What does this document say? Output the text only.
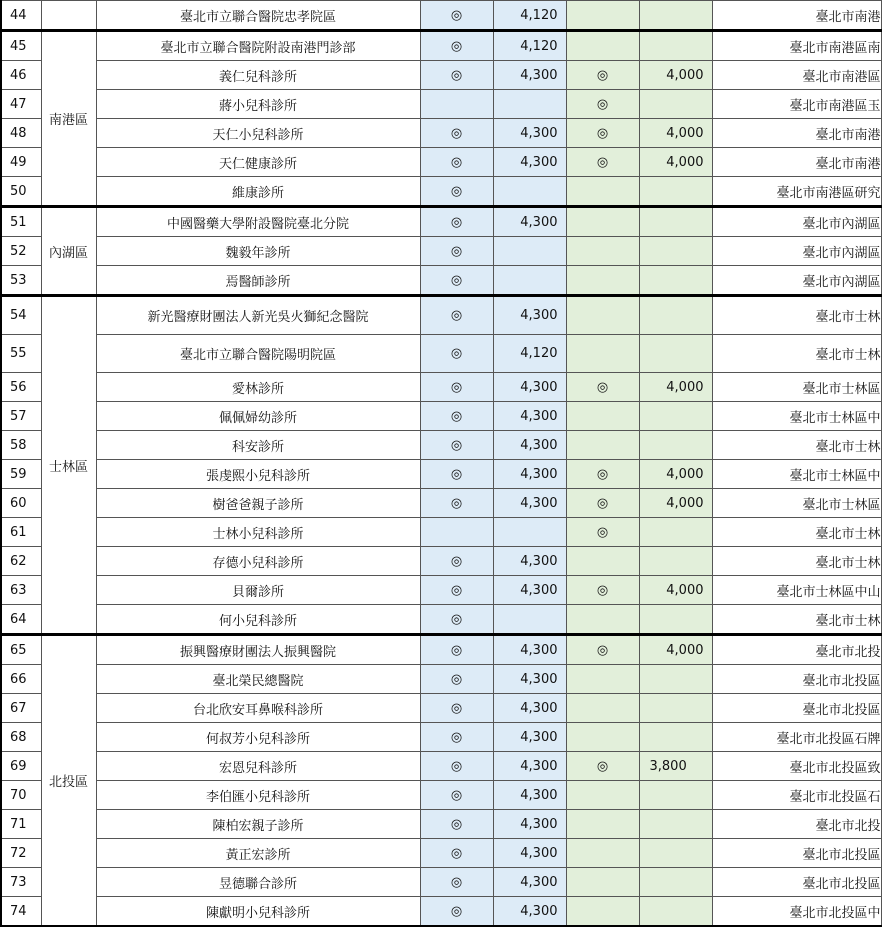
44		臺北市立聯合醫院忠孝院區	◎	4,120			臺北市南港
45	南港區	臺北市立聯合醫院附設南港門診部	◎	4,120			臺北市南港區南
46		義仁兒科診所	◎	4,300	◎	4,000	臺北市南港區
47		蔣小兒科診所			◎		臺北市南港區玉
48		天仁小兒科診所	◎	4,300	◎	4,000	臺北市南港
49		天仁健康診所	◎	4,300	◎	4,000	臺北市南港
50		維康診所	◎				臺北市南港區研究
51	內湖區	中國醫藥大學附設醫院臺北分院	◎	4,300			臺北市內湖區
52		魏毅年診所	◎				臺北市內湖區
53		焉醫師診所	◎				臺北市內湖區
54	士林區	新光醫療財團法人新光吳火獅紀念醫院	◎	4,300			臺北市士林
55		臺北市立聯合醫院陽明院區	◎	4,120			臺北市士林
56		愛林診所	◎	4,300	◎	4,000	臺北市士林區
57		佩佩婦幼診所	◎	4,300			臺北市士林區中
58		科安診所	◎	4,300			臺北市士林
59		張虔熙小兒科診所	◎	4,300	◎	4,000	臺北市士林區中
60		樹爸爸親子診所	◎	4,300	◎	4,000	臺北市士林區
61		士林小兒科診所			◎		臺北市士林
62		存德小兒科診所	◎	4,300			臺北市士林
63		貝爾診所	◎	4,300	◎	4,000	臺北市士林區中山
64		何小兒科診所	◎				臺北市士林
65	北投區	振興醫療財團法人振興醫院	◎	4,300	◎	4,000	臺北市北投
66		臺北榮民總醫院	◎	4,300			臺北市北投區
67		台北欣安耳鼻喉科診所	◎	4,300			臺北市北投區
68		何叔芳小兒科診所	◎	4,300			臺北市北投區石牌
69		宏恩兒科診所	◎	4,300	◎	3,800	臺北市北投區致
70		李伯匯小兒科診所	◎	4,300			臺北市北投區石
71		陳柏宏親子診所	◎	4,300			臺北市北投
72		黃正宏診所	◎	4,300			臺北市北投區
73		昱德聯合診所	◎	4,300			臺北市北投區
74		陳獻明小兒科診所	◎	4,300			臺北市北投區中
